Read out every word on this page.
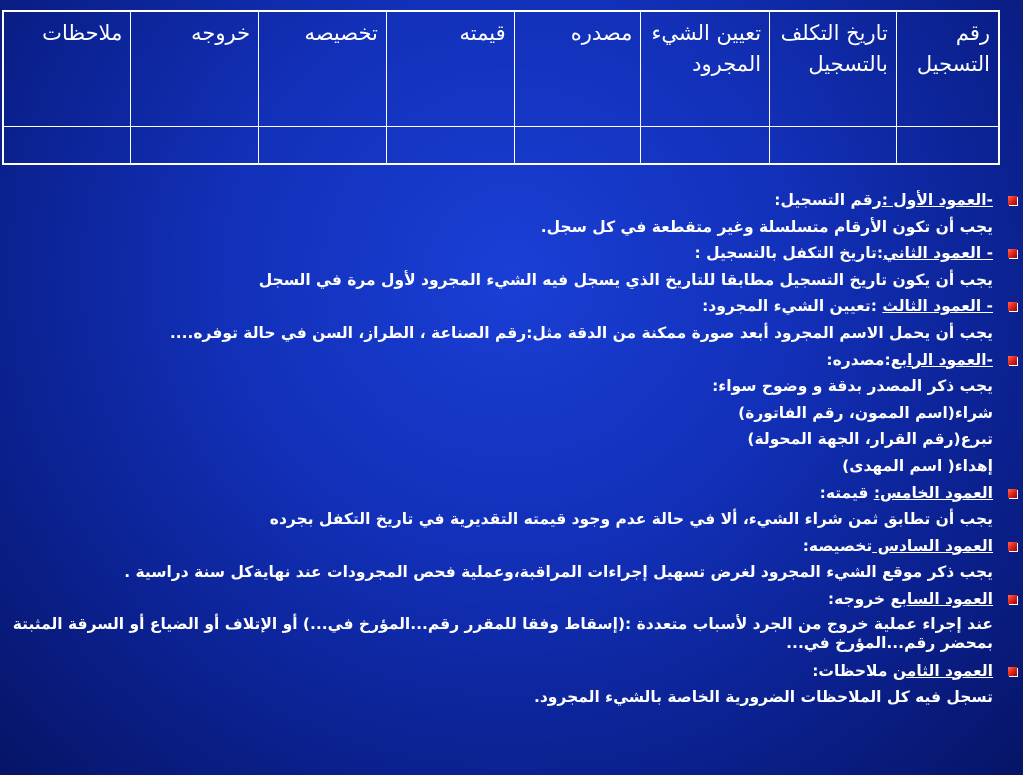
رقم التسجيل	تاريخ التكلف بالتسجيل	تعيين الشيء المجرود	مصدره	قيمته	تخصيصه	خروجه	ملاحظات

-العمود الأول :رقم التسجيل:
يجب أن تكون الأرقام متسلسلة وغير متقطعة في كل سجل.
- العمود الثاني:تاريخ التكفل بالتسجيل :
يجب أن يكون تاريخ التسجيل مطابقا للتاريخ الذي يسجل فيه الشيء المجرود لأول مرة في السجل
- العمود الثالث :تعيين الشيء المجرود:
يجب أن يحمل الاسم المجرود أبعد صورة ممكنة من الدقة مثل:رقم الصناعة ، الطراز، السن في حالة توفره....
-العمود الرابع:مصدره:
يجب ذكر المصدر بدقة و وضوح سواء:
شراء(اسم الممون، رقم الفاتورة)
تبرع(رقم القرار، الجهة المحولة)
إهداء( اسم المهدى)
العمود الخامس: قيمته:
يجب أن تطابق ثمن شراء الشيء، ألا في حالة عدم وجود قيمته التقديرية في تاريخ التكفل بجرده
العمود السادس تخصيصه:
يجب ذكر موقع الشيء المجرود لغرض تسهيل إجراءات المراقبة،وعملية فحص المجرودات عند نهايةكل سنة دراسية .
العمود السابع خروجه:
عند إجراء عملية خروج من الجرد لأسباب متعددة :(إسقاط وفقا للمقرر رقم...المؤرخ في...) أو الإتلاف أو الضياع أو السرقة المثبتة بمحضر رقم...المؤرخ في...
العمود الثامن ملاحظات:
تسجل فيه كل الملاحظات الضرورية الخاصة بالشيء المجرود.
